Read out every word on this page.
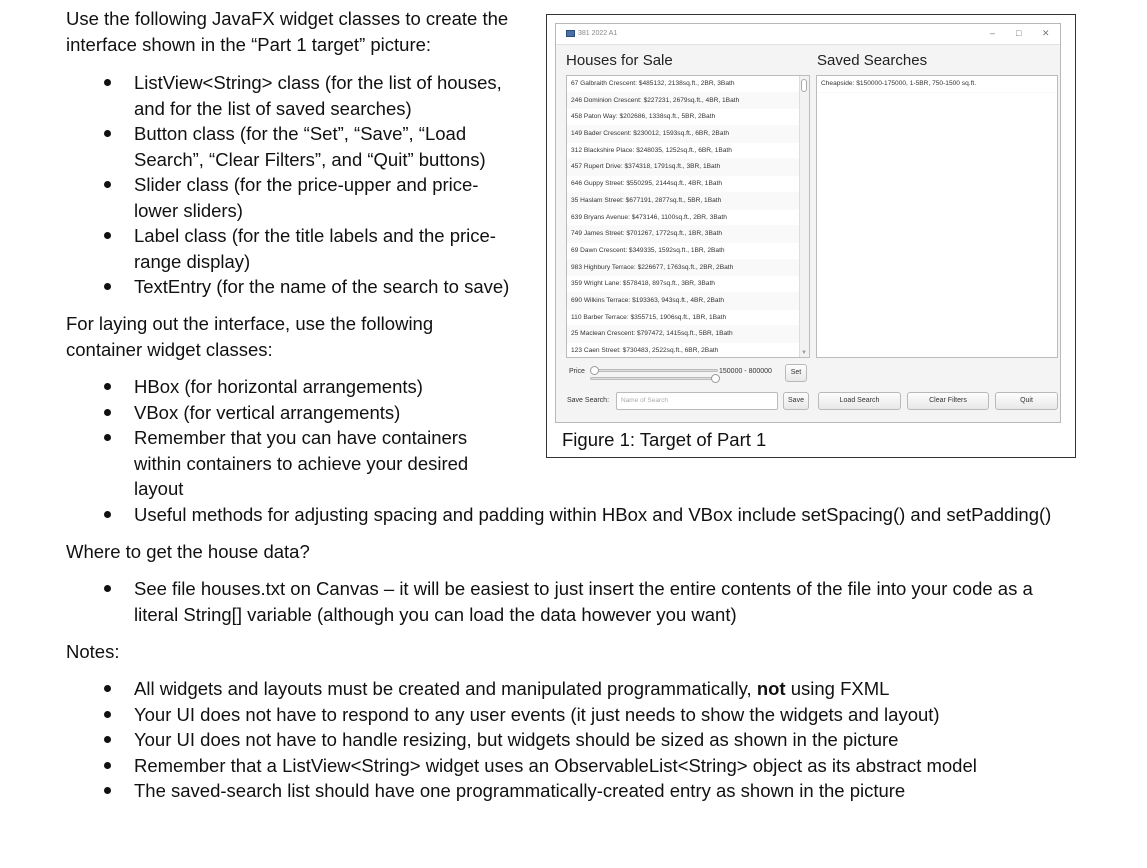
Use the following JavaFX widget classes to create the
interface shown in the “Part 1 target” picture:
ListView<String> class (for the list of houses,
and for the list of saved searches)
Button class (for the “Set”, “Save”, “Load
Search”, “Clear Filters”, and “Quit” buttons)
Slider class (for the price-upper and price-
lower sliders)
Label class (for the title labels and the price-
range display)
TextEntry (for the name of the search to save)
For laying out the interface, use the following
container widget classes:
HBox (for horizontal arrangements)
VBox (for vertical arrangements)
Remember that you can have containers
within containers to achieve your desired
layout
Useful methods for adjusting spacing and padding within HBox and VBox include setSpacing() and setPadding()
Where to get the house data?
See file houses.txt on Canvas – it will be easiest to just insert the entire contents of the file into your code as a
literal String[] variable (although you can load the data however you want)
Notes:
All widgets and layouts must be created and manipulated programmatically, not using FXML
Your UI does not have to respond to any user events (it just needs to show the widgets and layout)
Your UI does not have to handle resizing, but widgets should be sized as shown in the picture
Remember that a ListView<String> widget uses an ObservableList<String> object as its abstract model
The saved-search list should have one programmatically-created entry as shown in the picture
381 2022 A1	– □ ✕
Houses for Sale	Saved Searches
67 Galbraith Crescent: $485132, 2138sq.ft., 2BR, 3Bath
246 Dominion Crescent: $227231, 2679sq.ft., 4BR, 1Bath
458 Paton Way: $202686, 1338sq.ft., 5BR, 2Bath
149 Bader Crescent: $230012, 1593sq.ft., 6BR, 2Bath
312 Blackshire Place: $248035, 1252sq.ft., 6BR, 1Bath
457 Rupert Drive: $374318, 1791sq.ft., 3BR, 1Bath
646 Guppy Street: $550295, 2144sq.ft., 4BR, 1Bath
35 Haslam Street: $677191, 2877sq.ft., 5BR, 1Bath
639 Bryans Avenue: $473146, 1100sq.ft., 2BR, 3Bath
749 James Street: $701267, 1772sq.ft., 1BR, 3Bath
69 Dawn Crescent: $349335, 1592sq.ft., 1BR, 2Bath
983 Highbury Terrace: $226677, 1763sq.ft., 2BR, 2Bath
359 Wright Lane: $578418, 897sq.ft., 3BR, 3Bath
690 Wilkins Terrace: $193363, 943sq.ft., 4BR, 2Bath
110 Barber Terrace: $355715, 1906sq.ft., 1BR, 1Bath
25 Maclean Crescent: $797472, 1415sq.ft., 5BR, 1Bath
123 Caen Street: $730483, 2522sq.ft., 6BR, 2Bath	▼
Cheapside: $150000-175000, 1-5BR, 750-1500 sq.ft.
Price	150000 - 800000	Set
Save Search:	Name of Search	Save	Load Search	Clear Filters	Quit
Figure 1: Target of Part 1
